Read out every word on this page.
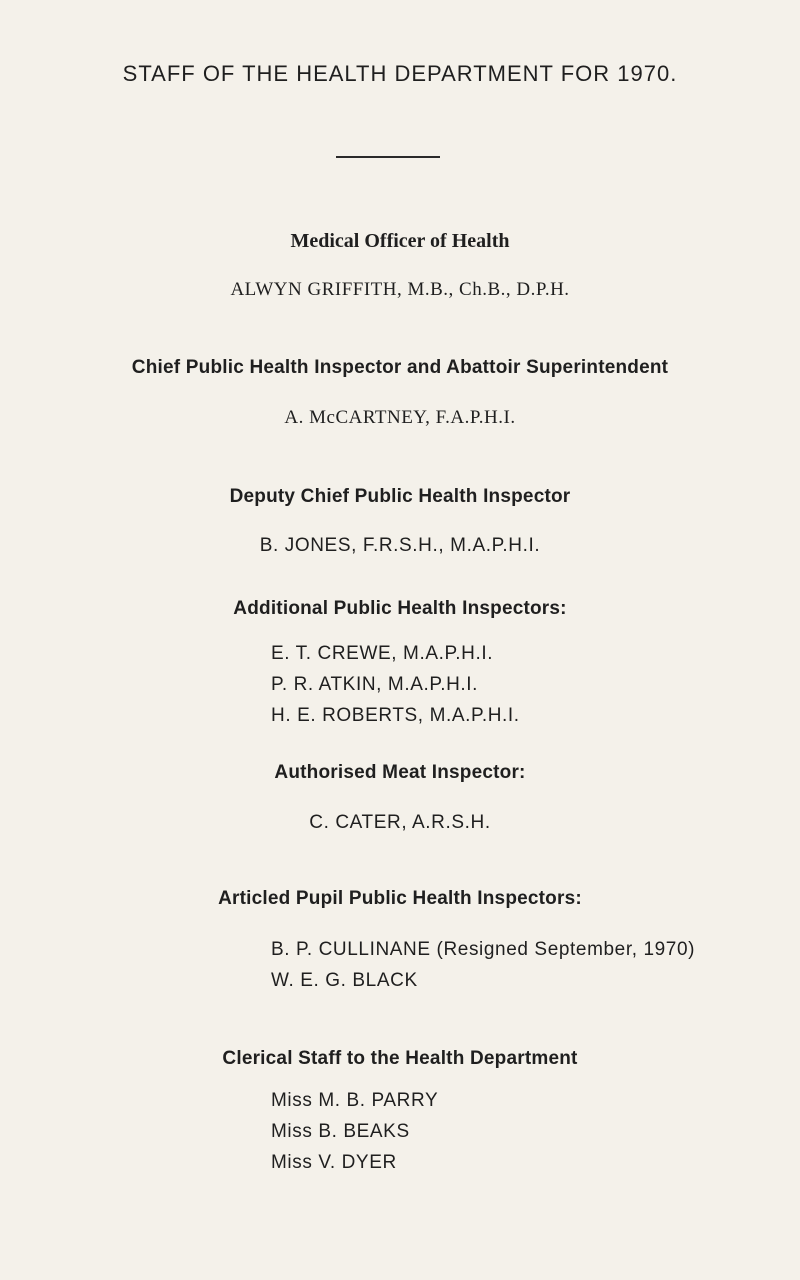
STAFF OF THE HEALTH DEPARTMENT FOR 1970.
Medical Officer of Health
ALWYN GRIFFITH, M.B., Ch.B., D.P.H.
Chief Public Health Inspector and Abattoir Superintendent
A. McCARTNEY, F.A.P.H.I.
Deputy Chief Public Health Inspector
B. JONES, F.R.S.H., M.A.P.H.I.
Additional Public Health Inspectors:
E. T. CREWE, M.A.P.H.I.
P. R. ATKIN, M.A.P.H.I.
H. E. ROBERTS, M.A.P.H.I.
Authorised Meat Inspector:
C. CATER, A.R.S.H.
Articled Pupil Public Health Inspectors:
B. P. CULLINANE (Resigned September, 1970)
W. E. G. BLACK
Clerical Staff to the Health Department
Miss M. B. PARRY
Miss B. BEAKS
Miss V. DYER
